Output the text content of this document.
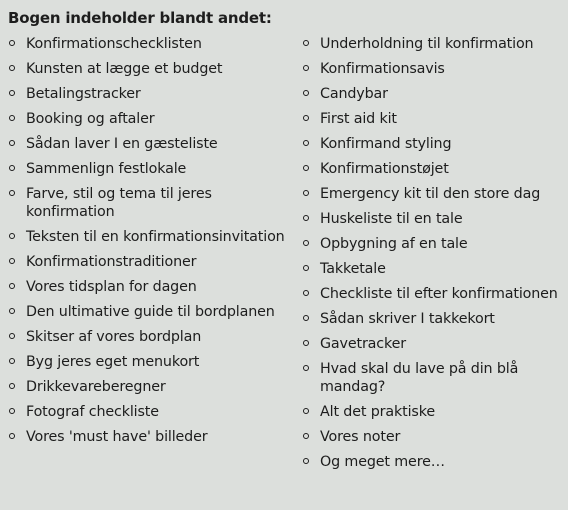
Bogen indeholder blandt andet:

Konfirmationschecklisten
Kunsten at lægge et budget
Betalingstracker
Booking og aftaler
Sådan laver I en gæsteliste
Sammenlign festlokale
Farve, stil og tema til jeres konfirmation
Teksten til en konfirmationsinvitation
Konfirmationstraditioner
Vores tidsplan for dagen
Den ultimative guide til bordplanen
Skitser af vores bordplan
Byg jeres eget menukort
Drikkevareberegner
Fotograf checkliste
Vores 'must have' billeder
Underholdning til konfirmation
Konfirmationsavis
Candybar
First aid kit
Konfirmand styling
Konfirmationstøjet
Emergency kit til den store dag
Huskeliste til en tale
Opbygning af en tale
Takketale
Checkliste til efter konfirmationen
Sådan skriver I takkekort
Gavetracker
Hvad skal du lave på din blå mandag?
Alt det praktiske
Vores noter
Og meget mere…
